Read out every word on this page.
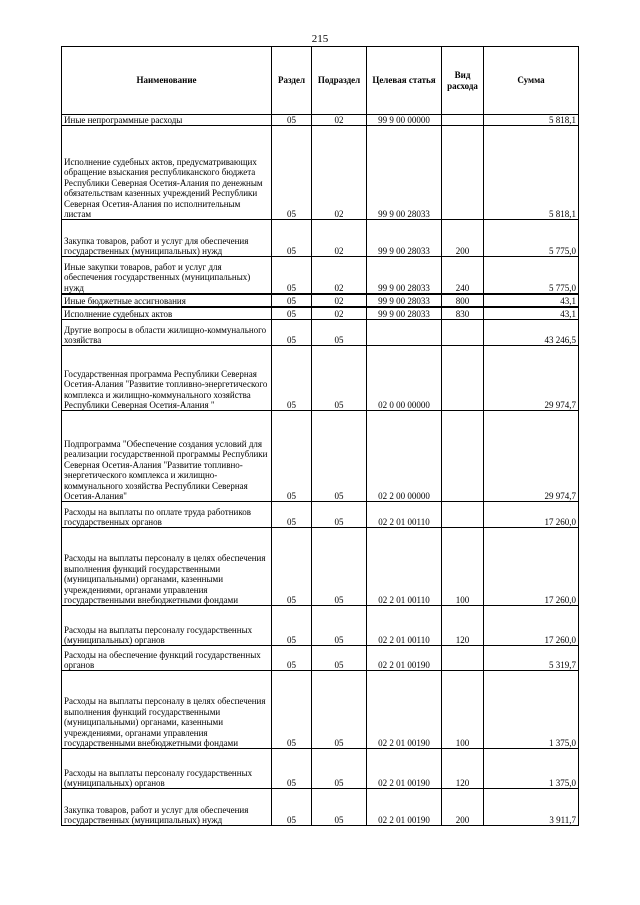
215
Наименование	Раздел	Подраздел	Целевая статья	Вид расхода	Сумма
Иные непрограммные расходы	05	02	99 9 00 00000		5 818,1
Исполнение судебных актов, предусматривающих обращение взыскания республиканского бюджета Республики Северная Осетия-Алания по денежным обязательствам казенных учреждений Республики Северная Осетия-Алания по исполнительным листам	05	02	99 9 00 28033		5 818,1
Закупка товаров, работ и услуг для обеспечения государственных (муниципальных) нужд	05	02	99 9 00 28033	200	5 775,0
Иные закупки товаров, работ и услуг для обеспечения государственных (муниципальных) нужд	05	02	99 9 00 28033	240	5 775,0
Иные бюджетные ассигнования	05	02	99 9 00 28033	800	43,1
Исполнение судебных актов	05	02	99 9 00 28033	830	43,1
Другие вопросы в области жилищно-коммунального хозяйства	05	05			43 246,5
Государственная программа Республики Северная Осетия-Алания "Развитие топливно-энергетического комплекса и жилищно-коммунального хозяйства Республики Северная Осетия-Алания "	05	05	02 0 00 00000		29 974,7
Подпрограмма "Обеспечение создания условий для реализации государственной программы Республики Северная Осетия-Алания "Развитие топливно-энергетического комплекса и жилищно-коммунального хозяйства Республики Северная Осетия-Алания"	05	05	02 2 00 00000		29 974,7
Расходы на выплаты по оплате труда работников государственных органов	05	05	02 2 01 00110		17 260,0
Расходы на выплаты персоналу в целях обеспечения выполнения функций государственными (муниципальными) органами, казенными учреждениями, органами управления государственными внебюджетными фондами	05	05	02 2 01 00110	100	17 260,0
Расходы на выплаты персоналу государственных (муниципальных) органов	05	05	02 2 01 00110	120	17 260,0
Расходы на обеспечение функций государственных органов	05	05	02 2 01 00190		5 319,7
Расходы на выплаты персоналу в целях обеспечения выполнения функций государственными (муниципальными) органами, казенными учреждениями, органами управления государственными внебюджетными фондами	05	05	02 2 01 00190	100	1 375,0
Расходы на выплаты персоналу государственных (муниципальных) органов	05	05	02 2 01 00190	120	1 375,0
Закупка товаров, работ и услуг для обеспечения государственных (муниципальных) нужд	05	05	02 2 01 00190	200	3 911,7
